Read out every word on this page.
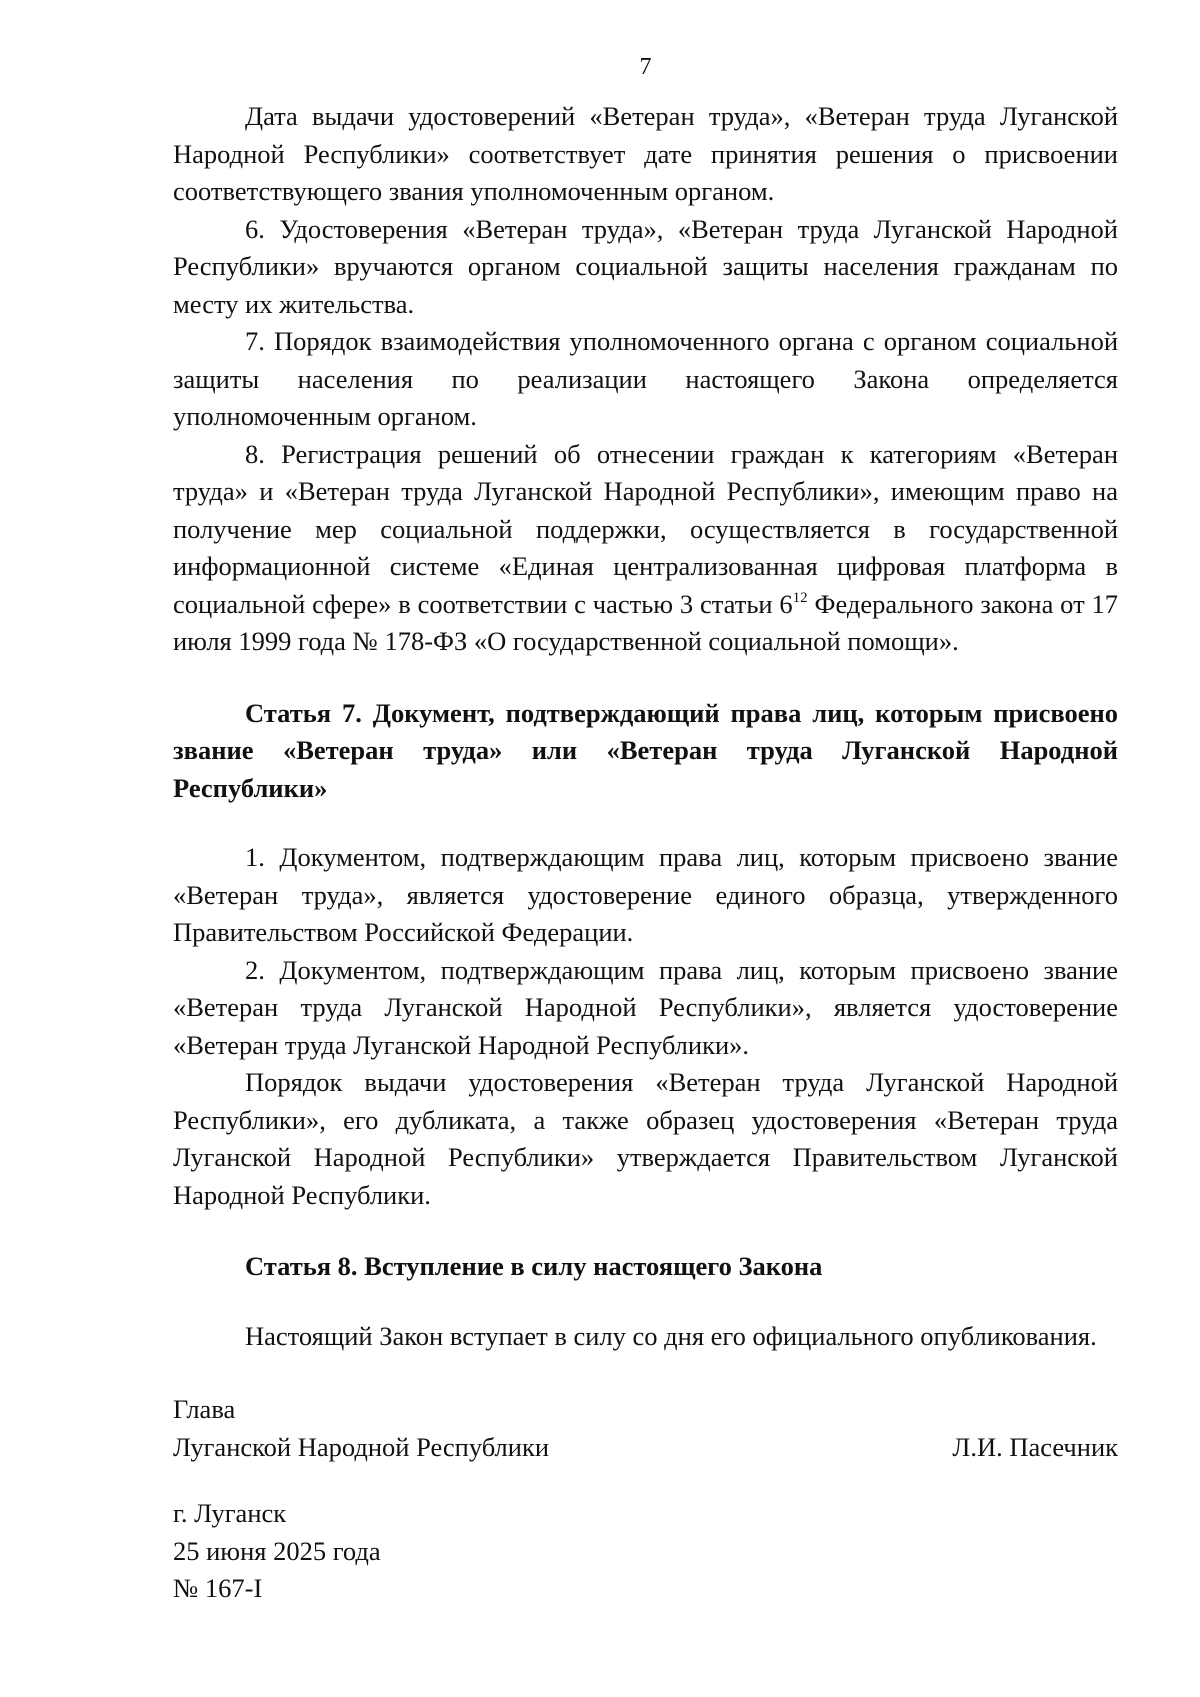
7

Дата выдачи удостоверений «Ветеран труда», «Ветеран труда Луганской Народной Республики» соответствует дате принятия решения о присвоении соответствующего звания уполномоченным органом.

6. Удостоверения «Ветеран труда», «Ветеран труда Луганской Народной Республики» вручаются органом социальной защиты населения гражданам по месту их жительства.

7. Порядок взаимодействия уполномоченного органа с органом социальной защиты населения по реализации настоящего Закона определяется уполномоченным органом.

8. Регистрация решений об отнесении граждан к категориям «Ветеран труда» и «Ветеран труда Луганской Народной Республики», имеющим право на получение мер социальной поддержки, осуществляется в государственной информационной системе «Единая централизованная цифровая платформа в социальной сфере» в соответствии с частью 3 статьи $6^{12}$ Федерального закона от 17 июля 1999 года № 178-ФЗ «О государственной социальной помощи».

Статья 7. Документ, подтверждающий права лиц, которым присвоено звание «Ветеран труда» или «Ветеран труда Луганской Народной Республики»

1. Документом, подтверждающим права лиц, которым присвоено звание «Ветеран труда», является удостоверение единого образца, утвержденного Правительством Российской Федерации.

2. Документом, подтверждающим права лиц, которым присвоено звание «Ветеран труда Луганской Народной Республики», является удостоверение «Ветеран труда Луганской Народной Республики».

Порядок выдачи удостоверения «Ветеран труда Луганской Народной Республики», его дубликата, а также образец удостоверения «Ветеран труда Луганской Народной Республики» утверждается Правительством Луганской Народной Республики.

Статья 8. Вступление в силу настоящего Закона

Настоящий Закон вступает в силу со дня его официального опубликования.

Глава
Луганской Народной Республики	Л.И. Пасечник
г. Луганск
25 июня 2025 года
№ 167-I
